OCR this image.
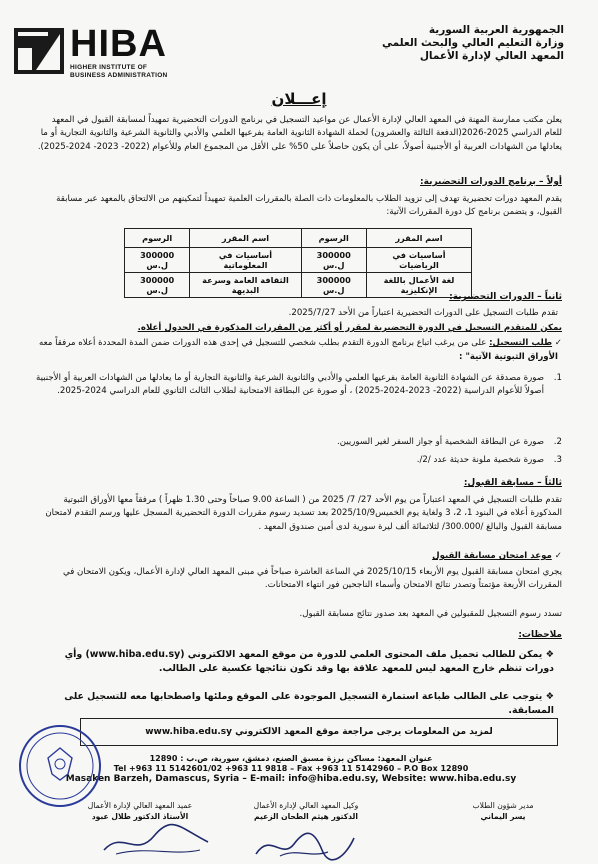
HIBA
HIGHER INSTITUTE OF
BUSINESS ADMINISTRATION
الجمهورية العربية السورية
وزارة التعليم العالي والبحث العلمي
المعهد العالي لإدارة الأعمال
إعـــلان
يعلن مكتب ممارسة المهنة في المعهد العالي لإدارة الأعمال عن مواعيد التسجيل في برنامج الدورات التحضيرية تمهيداً لمسابقة القبول في المعهد للعام الدراسي 2025-2026(الدفعة الثالثة والعشرون) لحملة الشهادة الثانوية العامة بفرعيها العلمي والأدبي والثانوية الشرعية والثانوية التجارية أو ما يعادلها من الشهادات العربية أو الأجنبية أصولاً، على أن يكون حاصلاً على 50% على الأقل من المجموع العام وللأعوام (2022- 2023- 2024-2025).
أولاً – برنامج الدورات التحضيرية:
يقدم المعهد دورات تحضيرية تهدف إلى تزويد الطلاب بالمعلومات ذات الصلة بالمقررات العلمية تمهيداً لتمكينهم من الالتحاق بالمعهد عبر مسابقة القبول، و يتضمن برنامج كل دورة المقررات الآتية:
اسم المقرر	الرسوم	اسم المقرر	الرسوم
أساسيات في الرياضيات	300000 ل.س	أساسيات في المعلوماتية	300000 ل.س
لغة الأعمال باللغة الإنكليزية	300000 ل.س	الثقافة العامة وسرعة البديهة	300000 ل.س
ثانياً – الدورات التحضيرية:
تقدم طلبات التسجيل على الدورات التحضيرية اعتباراً من الأحد 2025/7/27.
يمكن للمتقدم التسجيل في الدورة التحضيرية لمقرر أو أكثر من المقررات المذكورة في الجدول أعلاه.
✓ طلب التسجيل: على من يرغب اتباع برنامج الدورة التقدم بطلب شخصي للتسجيل في إحدى هذه الدورات ضمن المدة المحددة أعلاه مرفقاً معه
الأوراق الثبوتية الآتية" :
.1
صورة مصدقة عن الشهادة الثانوية العامة بفرعيها العلمي والأدبي والثانوية الشرعية والثانوية التجارية أو ما يعادلها من الشهادات العربية أو الأجنبية أصولاً للأعوام الدراسية (2022- 2023-2024-2025) ، أو صورة عن البطاقة الامتحانية لطلاب الثالث الثانوي للعام الدراسي 2024-2025.
.2
صورة عن البطاقة الشخصية أو جواز السفر لغير السوريين.
.3
صورة شخصية ملونة حديثة عدد /2/.
ثالثاً – مسابقة القبول:
تقدم طلبات التسجيل في المعهد اعتباراً من يوم الأحد 27/ 7/ 2025 من ( الساعة 9.00 صباحاً وحتى 1.30 ظهراً ) مرفقاً معها الأوراق الثبوتية المذكورة أعلاه في البنود 1، 2، 3 ولغاية يوم الخميس2025/10/9 بعد تسديد رسوم مقررات الدورة التحضيرية المسجل عليها ورسم التقدم لامتحان مسابقة القبول والبالغ /300.000/ لثلاثمائة ألف ليرة سورية لدى أمين صندوق المعهد .
✓ موعد امتحان مسابقة القبول
يجري امتحان مسابقة القبول يوم الأربعاء 2025/10/15 في الساعة العاشرة صباحاً في مبنى المعهد العالي لإدارة الأعمال، ويكون الامتحان في المقررات الأربعة مؤتمتاً وتصدر نتائج الامتحان وأسماء الناجحين فور انتهاء الامتحانات.
تسدد رسوم التسجيل للمقبولين في المعهد بعد صدور نتائج مسابقة القبول.
ملاحظات:
❖ يمكن للطالب تحميل ملف المحتوى العلمي للدورة من موقع المعهد الالكتروني (www.hiba.edu.sy) وأي دورات تنظم خارج المعهد ليس للمعهد علاقة بها وقد تكون نتائجها عكسية على الطالب.
❖ يتوجب على الطالب طباعة استمارة التسجيل الموجودة على الموقع وملئها واصطحابها معه للتسجيل على المسابقة.
لمزيد من المعلومات يرجى مراجعة موقع المعهد الالكتروني www.hiba.edu.sy
عنوان المعهد: مساكن برزة مسبق الصنع، دمشق، سورية، ص.ب : 12890
Tel +963 11 5142601/02 +963 11 9818 – Fax +963 11 5142960 – P.O Box 12890
Masaken Barzeh, Damascus, Syria – E-mail: info@hiba.edu.sy, Website: www.hiba.edu.sy
مدير شؤون الطلاب
يسر اليماني
وكيل المعهد العالي لإدارة الأعمال
الدكتور هيثم الطحان الزعيم
عميد المعهد العالي لإدارة الأعمال
الأستاذ الدكتور طلال عبود
